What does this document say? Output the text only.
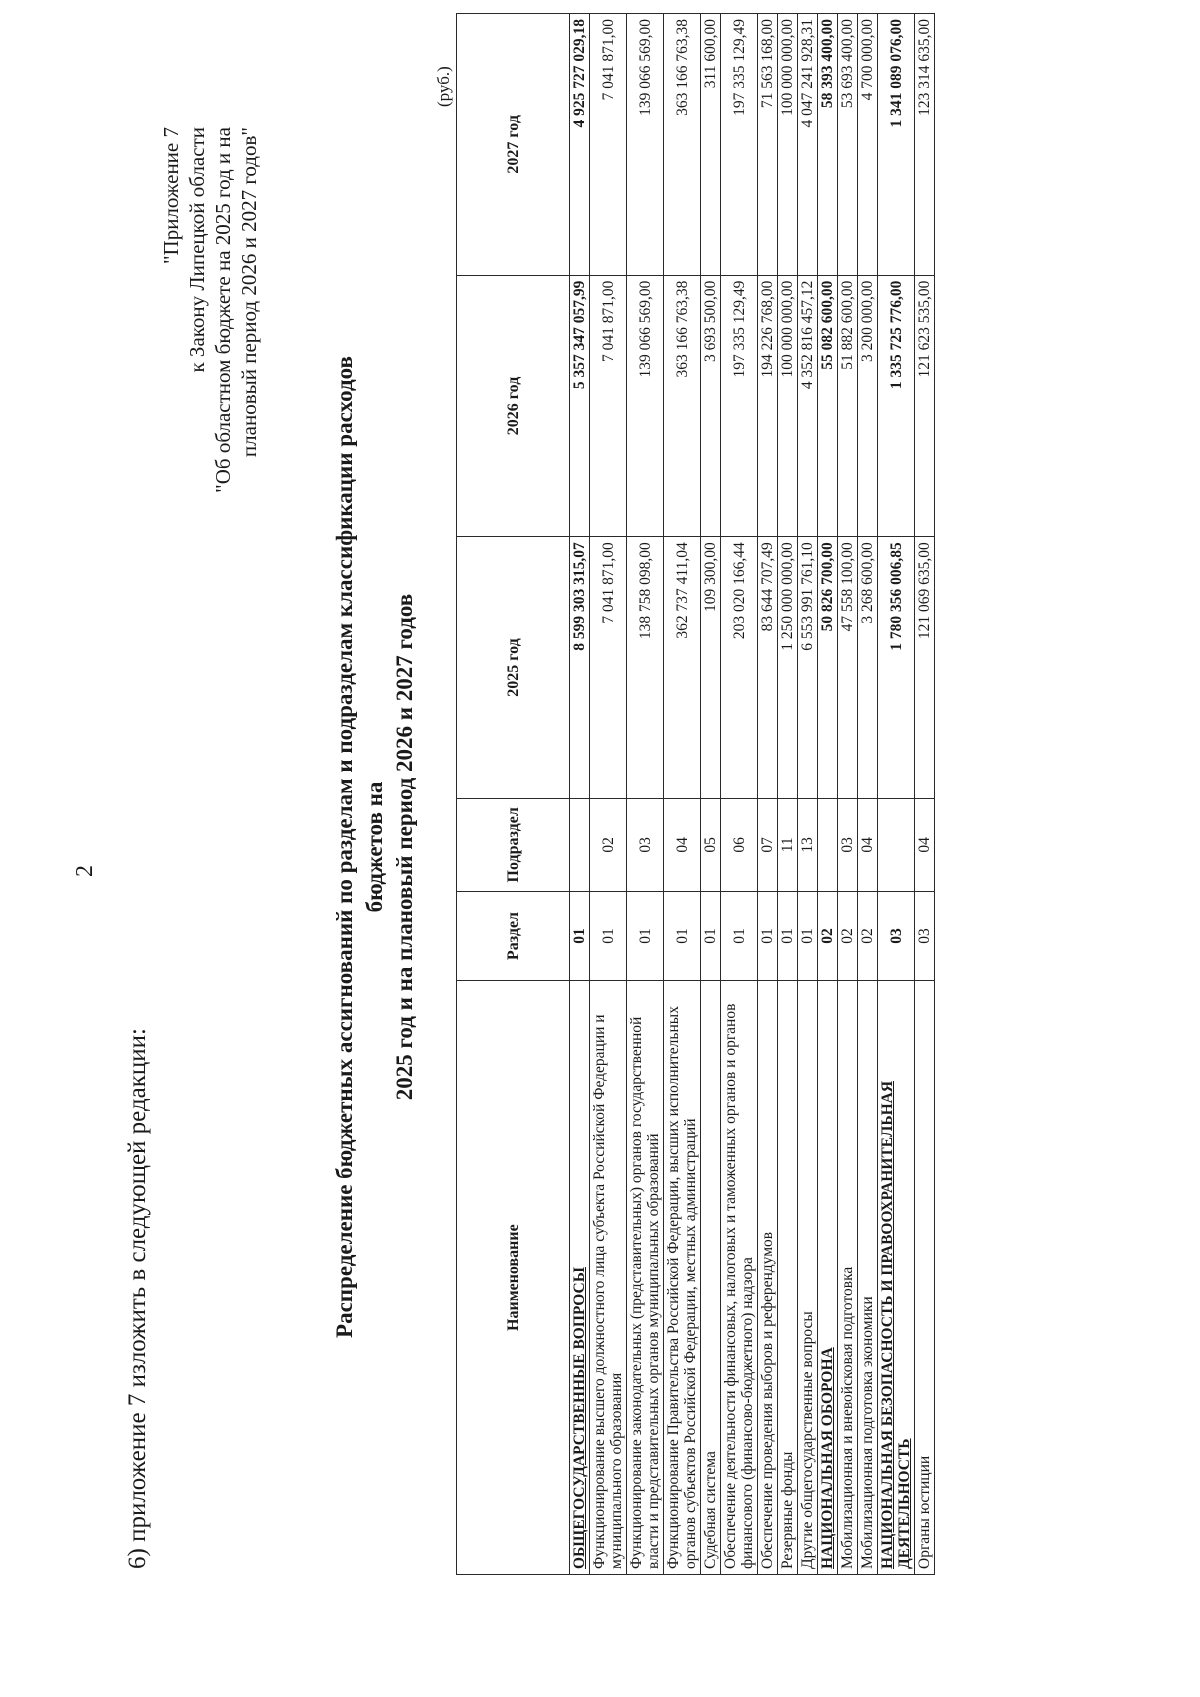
2
6) приложение 7 изложить в следующей редакции:
"Приложение 7 к Закону Липецкой области "Об областном бюджете на 2025 год и на плановый период 2026 и 2027 годов"
Распределение бюджетных ассигнований по разделам и подразделам классификации расходов бюджетов на 2025 год и на плановый период 2026 и 2027 годов
(руб.)
Наименование	Раздел	Подраздел	2025 год	2026 год	2027 год
ОБЩЕГОСУДАРСТВЕННЫЕ ВОПРОСЫ	01		8 599 303 315,07	5 357 347 057,99	4 925 727 029,18
Функционирование высшего должностного лица субъекта Российской Федерации и муниципального образования	01	02	7 041 871,00	7 041 871,00	7 041 871,00
Функционирование законодательных (представительных) органов государственной власти и представительных органов муниципальных образований	01	03	138 758 098,00	139 066 569,00	139 066 569,00
Функционирование Правительства Российской Федерации, высших исполнительных органов субъектов Российской Федерации, местных администраций	01	04	362 737 411,04	363 166 763,38	363 166 763,38
Судебная система	01	05	109 300,00	3 693 500,00	311 600,00
Обеспечение деятельности финансовых, налоговых и таможенных органов и органов финансового (финансово-бюджетного) надзора	01	06	203 020 166,44	197 335 129,49	197 335 129,49
Обеспечение проведения выборов и референдумов	01	07	83 644 707,49	194 226 768,00	71 563 168,00
Резервные фонды	01	11	1 250 000 000,00	100 000 000,00	100 000 000,00
Другие общегосударственные вопросы	01	13	6 553 991 761,10	4 352 816 457,12	4 047 241 928,31
НАЦИОНАЛЬНАЯ ОБОРОНА	02		50 826 700,00	55 082 600,00	58 393 400,00
Мобилизационная и вневойсковая подготовка	02	03	47 558 100,00	51 882 600,00	53 693 400,00
Мобилизационная подготовка экономики	02	04	3 268 600,00	3 200 000,00	4 700 000,00
НАЦИОНАЛЬНАЯ БЕЗОПАСНОСТЬ И ПРАВООХРАНИТЕЛЬНАЯ ДЕЯТЕЛЬНОСТЬ	03		1 780 356 006,85	1 335 725 776,00	1 341 089 076,00
Органы юстиции	03	04	121 069 635,00	121 623 535,00	123 314 635,00
